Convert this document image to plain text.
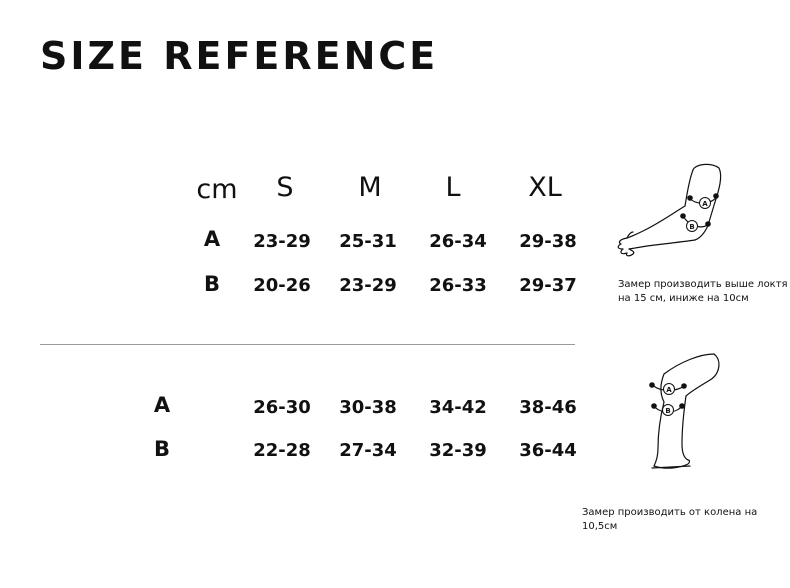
SIZE REFERENCE
cm	S	M	L	XL
A	23-29	25-31	26-34	29-38
B	20-26	23-29	26-33	29-37
A	26-30	30-38	34-42	38-46
B	22-28	27-34	32-39	36-44
A
B
Замер производить выше локтя на 15 см, иниже на 10см
A
B
Замер производить от колена на 10,5см
